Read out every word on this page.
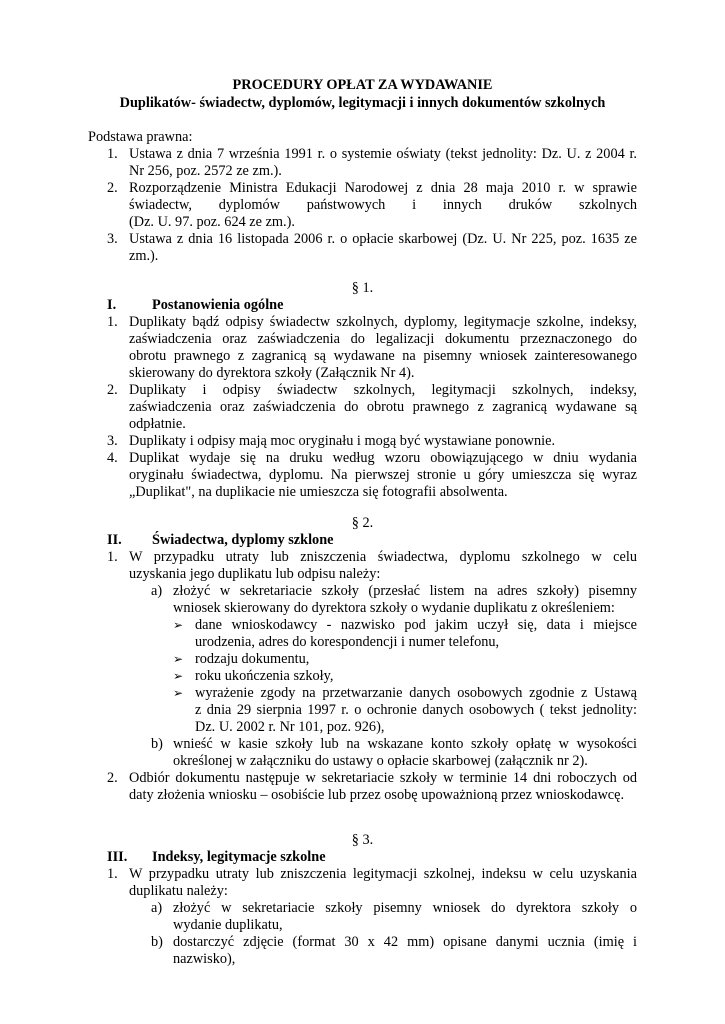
PROCEDURY OPŁAT ZA WYDAWANIE
Duplikatów- świadectw, dyplomów, legitymacji i innych dokumentów szkolnych
Podstawa prawna:
1. Ustawa z dnia 7 września 1991 r. o systemie oświaty (tekst jednolity: Dz. U. z 2004 r.

Nr 256, poz. 2572 ze zm.).

2. Rozporządzenie Ministra Edukacji Narodowej z dnia 28 maja 2010 r. w sprawie

świadectw, dyplomów państwowych i innych druków szkolnych

(Dz. U. 97. poz. 624 ze zm.).

3. Ustawa z dnia 16 listopada 2006 r. o opłacie skarbowej (Dz. U. Nr 225, poz. 1635 ze

zm.).

§ 1.
I.	Postanowienia ogólne
1. Duplikaty bądź odpisy świadectw szkolnych, dyplomy, legitymacje szkolne, indeksy,

zaświadczenia oraz zaświadczenia do legalizacji dokumentu przeznaczonego do

obrotu prawnego z zagranicą są wydawane na pisemny wniosek zainteresowanego

skierowany do dyrektora szkoły (Załącznik Nr 4).

2. Duplikaty i odpisy świadectw szkolnych, legitymacji szkolnych, indeksy,

zaświadczenia oraz zaświadczenia do obrotu prawnego z zagranicą wydawane są

odpłatnie.

3. Duplikaty i odpisy mają moc oryginału i mogą być wystawiane ponownie.

4. Duplikat wydaje się na druku według wzoru obowiązującego w dniu wydania

oryginału świadectwa, dyplomu. Na pierwszej stronie u góry umieszcza się wyraz

„Duplikat", na duplikacie nie umieszcza się fotografii absolwenta.

§ 2.
II. Świadectwa, dyplomy szklone
1. W przypadku utraty lub zniszczenia świadectwa, dyplomu szkolnego w celu

uzyskania jego duplikatu lub odpisu należy:

a) złożyć w sekretariacie szkoły (przesłać listem na adres szkoły) pisemny

wniosek skierowany do dyrektora szkoły o wydanie duplikatu z określeniem:

➢ dane wnioskodawcy - nazwisko pod jakim uczył się, data i miejsce

urodzenia, adres do korespondencji i numer telefonu,

➢ rodzaju dokumentu,

➢ roku ukończenia szkoły,

➢ wyrażenie zgody na przetwarzanie danych osobowych zgodnie z Ustawą

z dnia 29 sierpnia 1997 r. o ochronie danych osobowych ( tekst jednolity:

Dz. U. 2002 r. Nr 101, poz. 926),

b) wnieść w kasie szkoły lub na wskazane konto szkoły opłatę w wysokości

określonej w załączniku do ustawy o opłacie skarbowej (załącznik nr 2).

2. Odbiór dokumentu następuje w sekretariacie szkoły w terminie 14 dni roboczych od

daty złożenia wniosku – osobiście lub przez osobę upoważnioną przez wnioskodawcę.

§ 3.
III. Indeksy, legitymacje szkolne
1. W przypadku utraty lub zniszczenia legitymacji szkolnej, indeksu w celu uzyskania

duplikatu należy:

a) złożyć w sekretariacie szkoły pisemny wniosek do dyrektora szkoły o

wydanie duplikatu,

b) dostarczyć zdjęcie (format 30 x 42 mm) opisane danymi ucznia (imię i

nazwisko),
